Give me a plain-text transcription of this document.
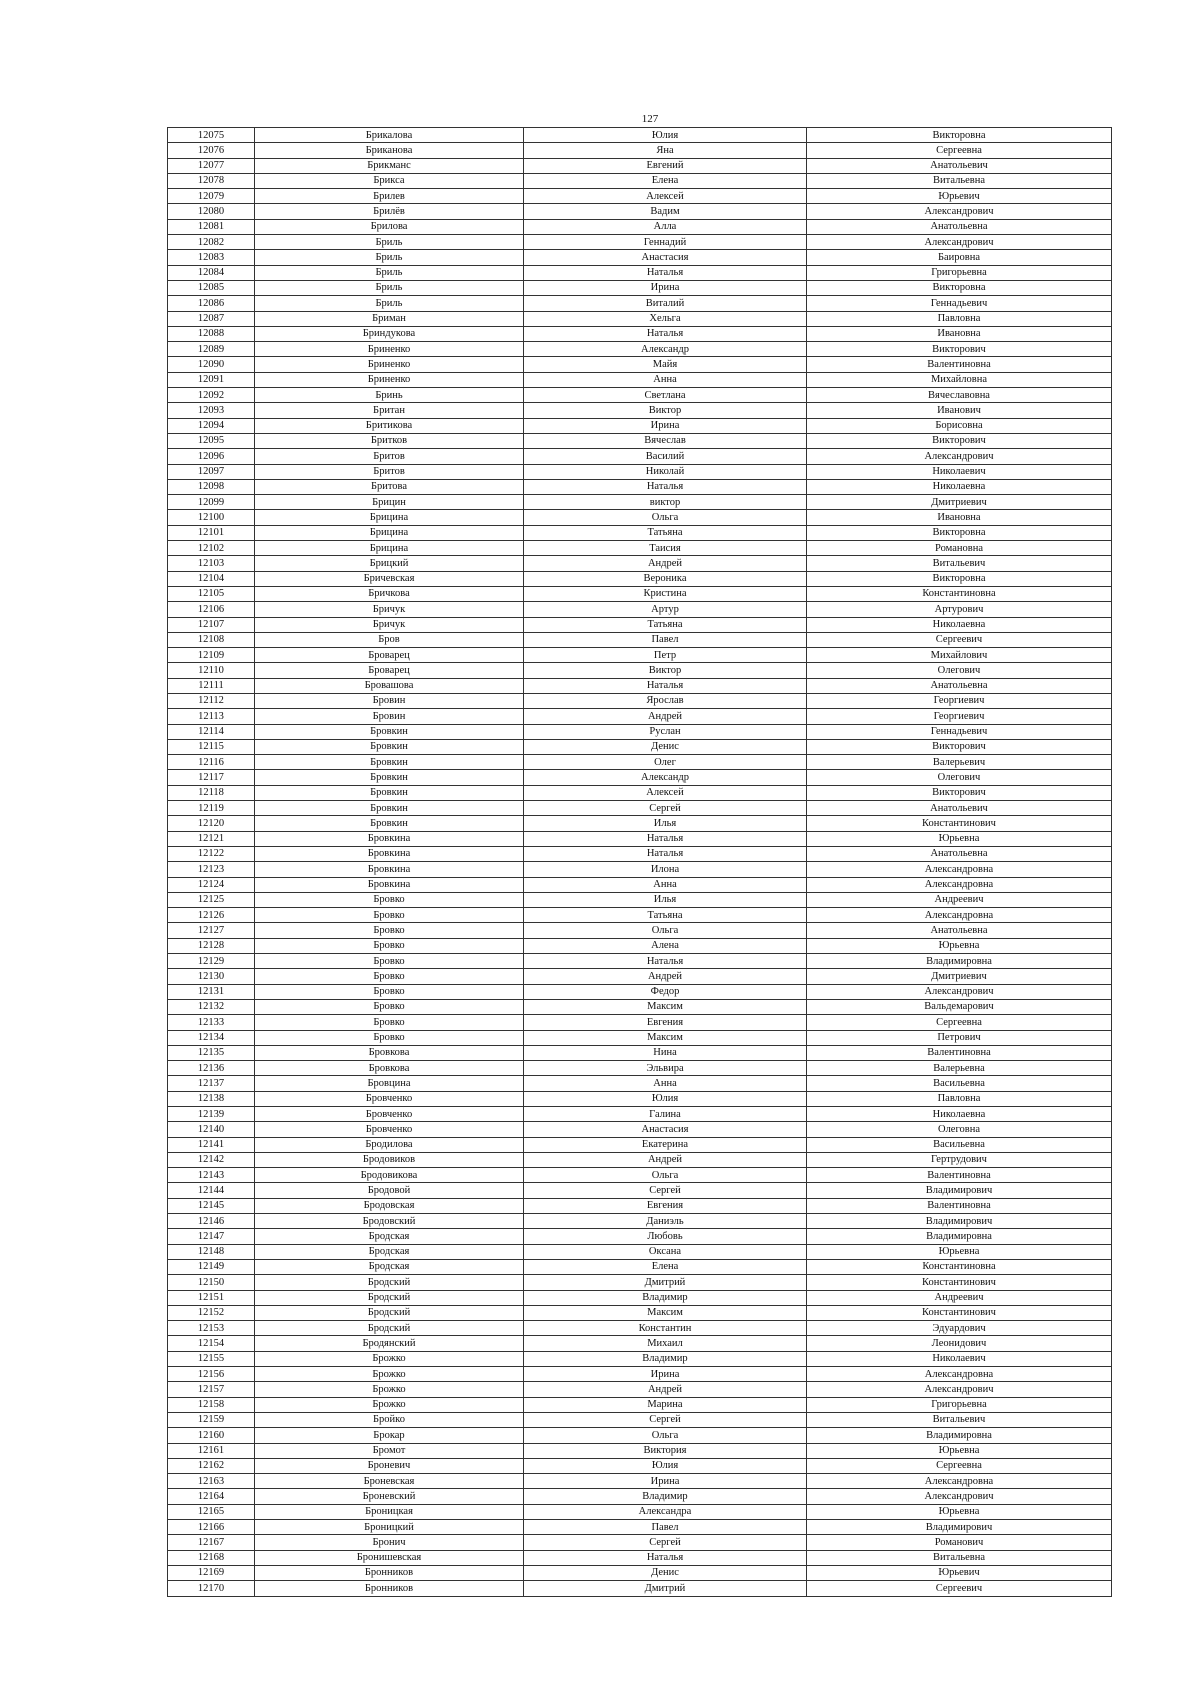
127
12075	Брикалова	Юлия	Викторовна
12076	Бриканова	Яна	Сергеевна
12077	Брикманс	Евгений	Анатольевич
12078	Брикса	Елена	Витальевна
12079	Брилев	Алексей	Юрьевич
12080	Брилёв	Вадим	Александрович
12081	Брилова	Алла	Анатольевна
12082	Бриль	Геннадий	Александрович
12083	Бриль	Анастасия	Баировна
12084	Бриль	Наталья	Григорьевна
12085	Бриль	Ирина	Викторовна
12086	Бриль	Виталий	Геннадьевич
12087	Бриман	Хельга	Павловна
12088	Бриндукова	Наталья	Ивановна
12089	Бриненко	Александр	Викторович
12090	Бриненко	Майя	Валентиновна
12091	Бриненко	Анна	Михайловна
12092	Бринь	Светлана	Вячеславовна
12093	Британ	Виктор	Иванович
12094	Бритикова	Ирина	Борисовна
12095	Бритков	Вячеслав	Викторович
12096	Бритов	Василий	Александрович
12097	Бритов	Николай	Николаевич
12098	Бритова	Наталья	Николаевна
12099	Брицин	виктор	Дмитриевич
12100	Брицина	Ольга	Ивановна
12101	Брицина	Татьяна	Викторовна
12102	Брицина	Таисия	Романовна
12103	Брицкий	Андрей	Витальевич
12104	Бричевская	Вероника	Викторовна
12105	Бричкова	Кристина	Константиновна
12106	Бричук	Артур	Артурович
12107	Бричук	Татьяна	Николаевна
12108	Бров	Павел	Сергеевич
12109	Броварец	Петр	Михайлович
12110	Броварец	Виктор	Олегович
12111	Бровашова	Наталья	Анатольевна
12112	Бровин	Ярослав	Георгиевич
12113	Бровин	Андрей	Георгиевич
12114	Бровкин	Руслан	Геннадьевич
12115	Бровкин	Денис	Викторович
12116	Бровкин	Олег	Валерьевич
12117	Бровкин	Александр	Олегович
12118	Бровкин	Алексей	Викторович
12119	Бровкин	Сергей	Анатольевич
12120	Бровкин	Илья	Константинович
12121	Бровкина	Наталья	Юрьевна
12122	Бровкина	Наталья	Анатольевна
12123	Бровкина	Илона	Александровна
12124	Бровкина	Анна	Александровна
12125	Бровко	Илья	Андреевич
12126	Бровко	Татьяна	Александровна
12127	Бровко	Ольга	Анатольевна
12128	Бровко	Алена	Юрьевна
12129	Бровко	Наталья	Владимировна
12130	Бровко	Андрей	Дмитриевич
12131	Бровко	Федор	Александрович
12132	Бровко	Максим	Вальдемарович
12133	Бровко	Евгения	Сергеевна
12134	Бровко	Максим	Петрович
12135	Бровкова	Нина	Валентиновна
12136	Бровкова	Эльвира	Валерьевна
12137	Бровцина	Анна	Васильевна
12138	Бровченко	Юлия	Павловна
12139	Бровченко	Галина	Николаевна
12140	Бровченко	Анастасия	Олеговна
12141	Бродилова	Екатерина	Васильевна
12142	Бродовиков	Андрей	Гертрудович
12143	Бродовикова	Ольга	Валентиновна
12144	Бродовой	Сергей	Владимирович
12145	Бродовская	Евгения	Валентиновна
12146	Бродовский	Даниэль	Владимирович
12147	Бродская	Любовь	Владимировна
12148	Бродская	Оксана	Юрьевна
12149	Бродская	Елена	Константиновна
12150	Бродский	Дмитрий	Константинович
12151	Бродский	Владимир	Андреевич
12152	Бродский	Максим	Константинович
12153	Бродский	Константин	Эдуардович
12154	Бродянский	Михаил	Леонидович
12155	Брожко	Владимир	Николаевич
12156	Брожко	Ирина	Александровна
12157	Брожко	Андрей	Александрович
12158	Брожко	Марина	Григорьевна
12159	Бройко	Сергей	Витальевич
12160	Брокар	Ольга	Владимировна
12161	Бромот	Виктория	Юрьевна
12162	Броневич	Юлия	Сергеевна
12163	Броневская	Ирина	Александровна
12164	Броневский	Владимир	Александрович
12165	Броницкая	Александра	Юрьевна
12166	Броницкий	Павел	Владимирович
12167	Бронич	Сергей	Романович
12168	Бронишевская	Наталья	Витальевна
12169	Бронников	Денис	Юрьевич
12170	Бронников	Дмитрий	Сергеевич
